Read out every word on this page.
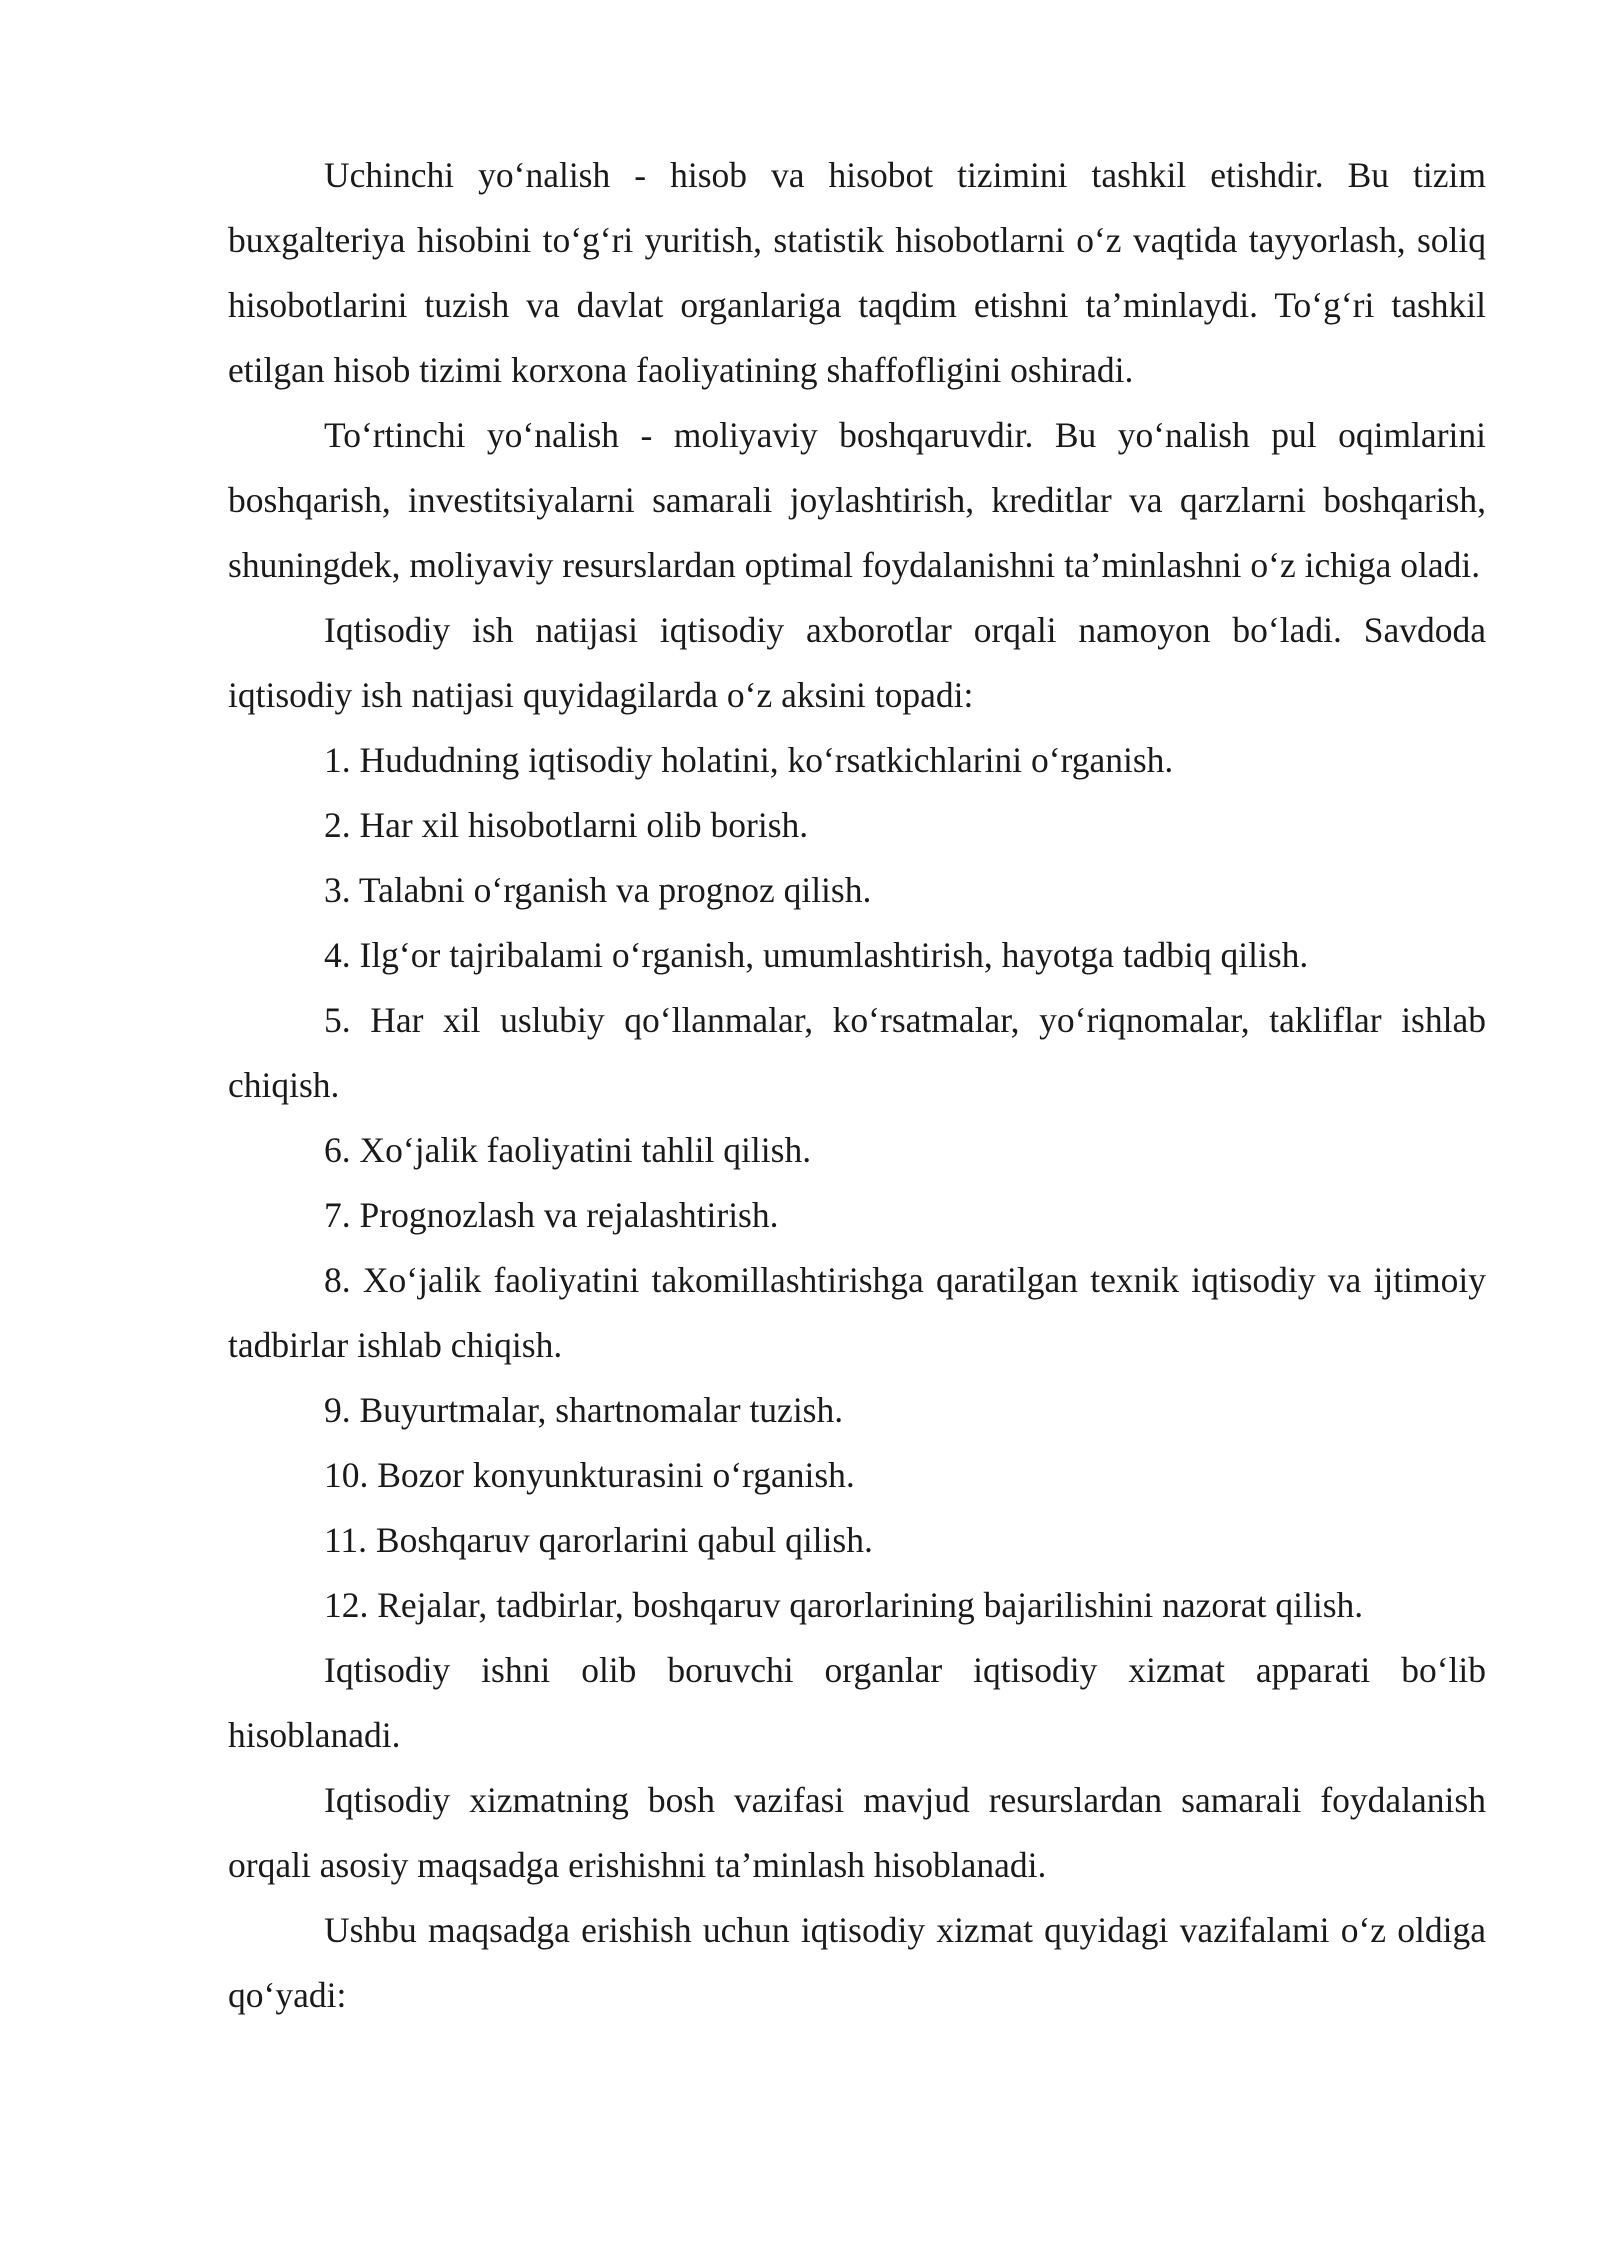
Uchinchi yo‘nalish - hisob va hisobot tizimini tashkil etishdir. Bu tizim buxgalteriya hisobini to‘g‘ri yuritish, statistik hisobotlarni o‘z vaqtida tayyorlash, soliq hisobotlarini tuzish va davlat organlariga taqdim etishni ta’minlaydi. To‘g‘ri tashkil etilgan hisob tizimi korxona faoliyatining shaffofligini oshiradi.

To‘rtinchi yo‘nalish - moliyaviy boshqaruvdir. Bu yo‘nalish pul oqimlarini boshqarish, investitsiyalarni samarali joylashtirish, kreditlar va qarzlarni boshqarish, shuningdek, moliyaviy resurslardan optimal foydalanishni ta’minlashni o‘z ichiga oladi.

Iqtisodiy ish natijasi iqtisodiy axborotlar orqali namoyon bo‘ladi. Savdoda iqtisodiy ish natijasi quyidagilarda o‘z aksini topadi:

1. Hududning iqtisodiy holatini, ko‘rsatkichlarini o‘rganish.

2. Har xil hisobotlarni olib borish.

3. Talabni o‘rganish va prognoz qilish.

4. Ilg‘or tajribalami o‘rganish, umumlashtirish, hayotga tadbiq qilish.

5. Har xil uslubiy qo‘llanmalar, ko‘rsatmalar, yo‘riqnomalar, takliflar ishlab chiqish.

6. Xo‘jalik faoliyatini tahlil qilish.

7. Prognozlash va rejalashtirish.

8. Xo‘jalik faoliyatini takomillashtirishga qaratilgan texnik iqtisodiy va ijtimoiy tadbirlar ishlab chiqish.

9. Buyurtmalar, shartnomalar tuzish.

10. Bozor konyunkturasini o‘rganish.

11. Boshqaruv qarorlarini qabul qilish.

12. Rejalar, tadbirlar, boshqaruv qarorlarining bajarilishini nazorat qilish.

Iqtisodiy ishni olib boruvchi organlar iqtisodiy xizmat apparati bo‘lib hisoblanadi.

Iqtisodiy xizmatning bosh vazifasi mavjud resurslardan samarali foydalanish orqali asosiy maqsadga erishishni ta’minlash hisoblanadi.

Ushbu maqsadga erishish uchun iqtisodiy xizmat quyidagi vazifalami o‘z oldiga qo‘yadi:
